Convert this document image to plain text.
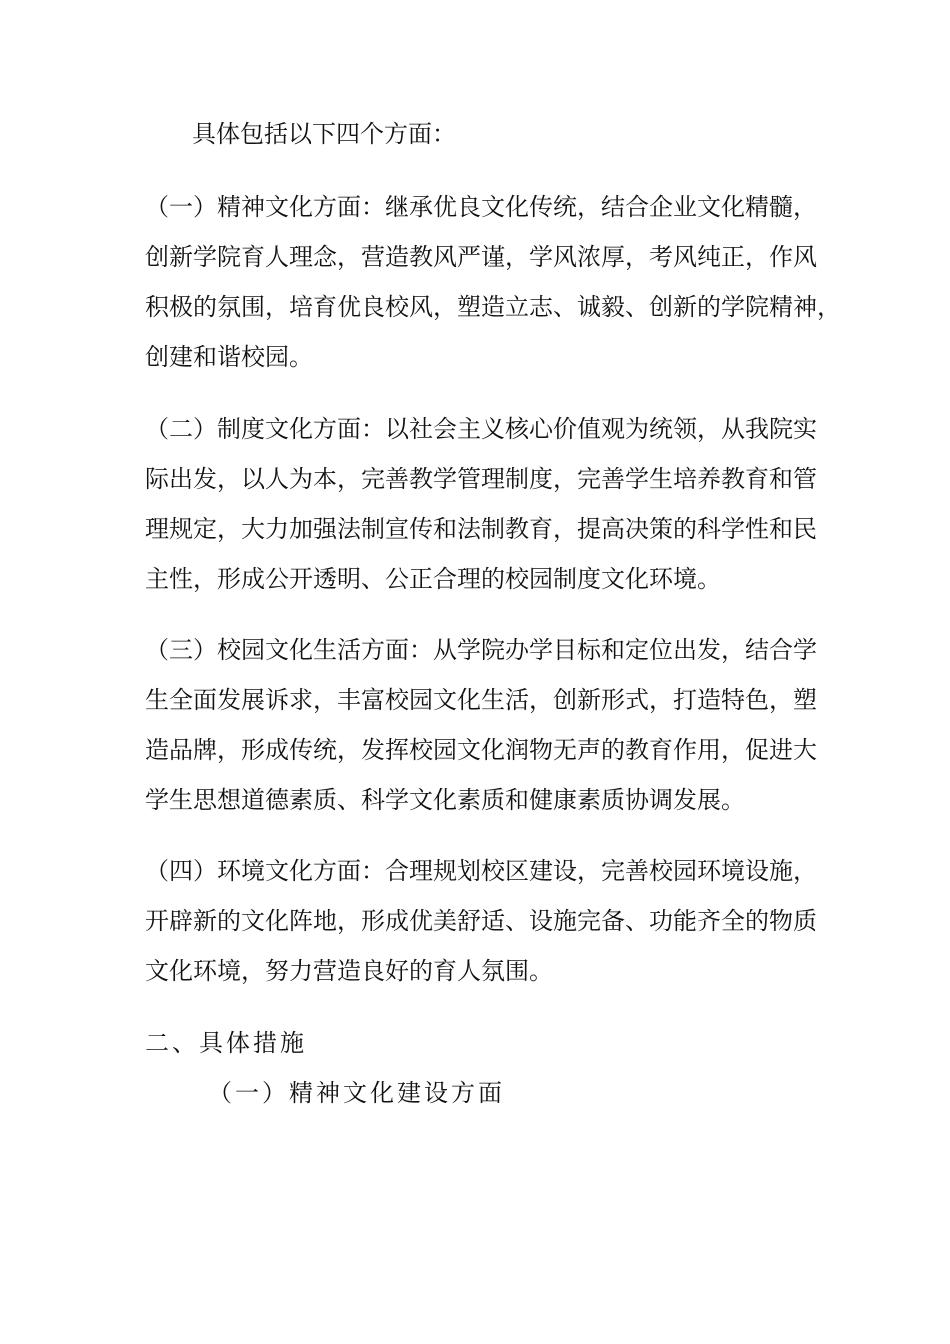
具体包括以下四个方面：
（一）精神文化方面：继承优良文化传统，结合企业文化精髓，
创新学院育人理念，营造教风严谨，学风浓厚，考风纯正，作风
积极的氛围，培育优良校风，塑造立志、诚毅、创新的学院精神，
创建和谐校园。
（二）制度文化方面：以社会主义核心价值观为统领，从我院实
际出发，以人为本，完善教学管理制度，完善学生培养教育和管
理规定，大力加强法制宣传和法制教育，提高决策的科学性和民
主性，形成公开透明、公正合理的校园制度文化环境。
（三）校园文化生活方面：从学院办学目标和定位出发，结合学
生全面发展诉求，丰富校园文化生活，创新形式，打造特色，塑
造品牌，形成传统，发挥校园文化润物无声的教育作用，促进大
学生思想道德素质、科学文化素质和健康素质协调发展。
（四）环境文化方面：合理规划校区建设，完善校园环境设施，
开辟新的文化阵地，形成优美舒适、设施完备、功能齐全的物质
文化环境，努力营造良好的育人氛围。
二、具体措施
（一）精神文化建设方面
